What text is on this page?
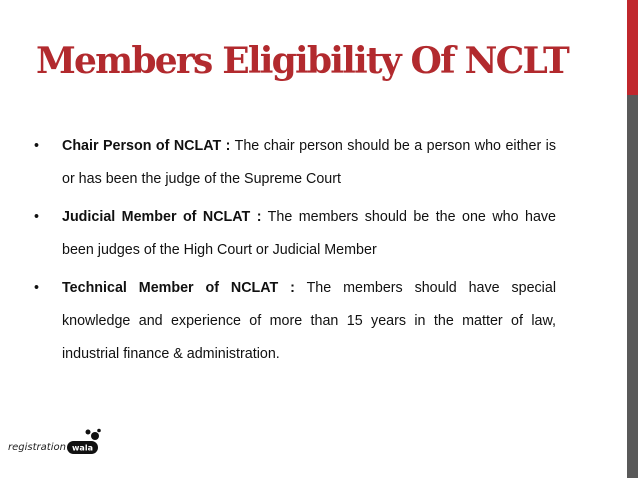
Members Eligibility Of NCLT
•	Chair Person of NCLAT : The chair person should be a person who either is or has been the judge of the Supreme Court
•	Judicial Member of NCLAT : The members should be the one who have been judges of the High Court or Judicial Member
•	Technical Member of NCLAT : The members should have special knowledge and experience of more than 15 years in the matter of law, industrial finance & administration.
registration wala
